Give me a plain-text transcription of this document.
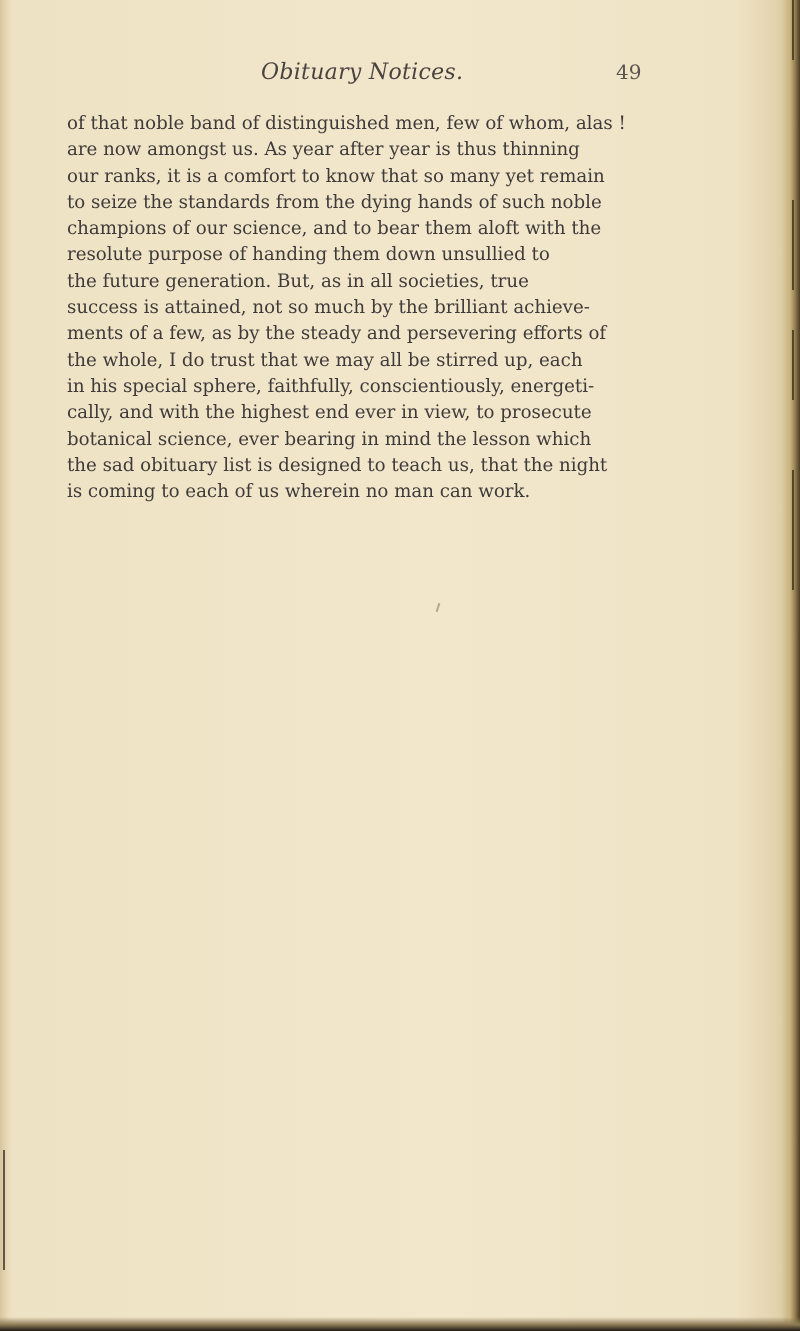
Obituary Notices.	49
of that noble band of distinguished men, few of whom, alas !
are now amongst us. As year after year is thus thinning
our ranks, it is a comfort to know that so many yet remain
to seize the standards from the dying hands of such noble
champions of our science, and to bear them aloft with the
resolute purpose of handing them down unsullied to
the future generation. But, as in all societies, true
success is attained, not so much by the brilliant achieve-
ments of a few, as by the steady and persevering efforts of
the whole, I do trust that we may all be stirred up, each
in his special sphere, faithfully, conscientiously, energeti-
cally, and with the highest end ever in view, to prosecute
botanical science, ever bearing in mind the lesson which
the sad obituary list is designed to teach us, that the night
is coming to each of us wherein no man can work.
